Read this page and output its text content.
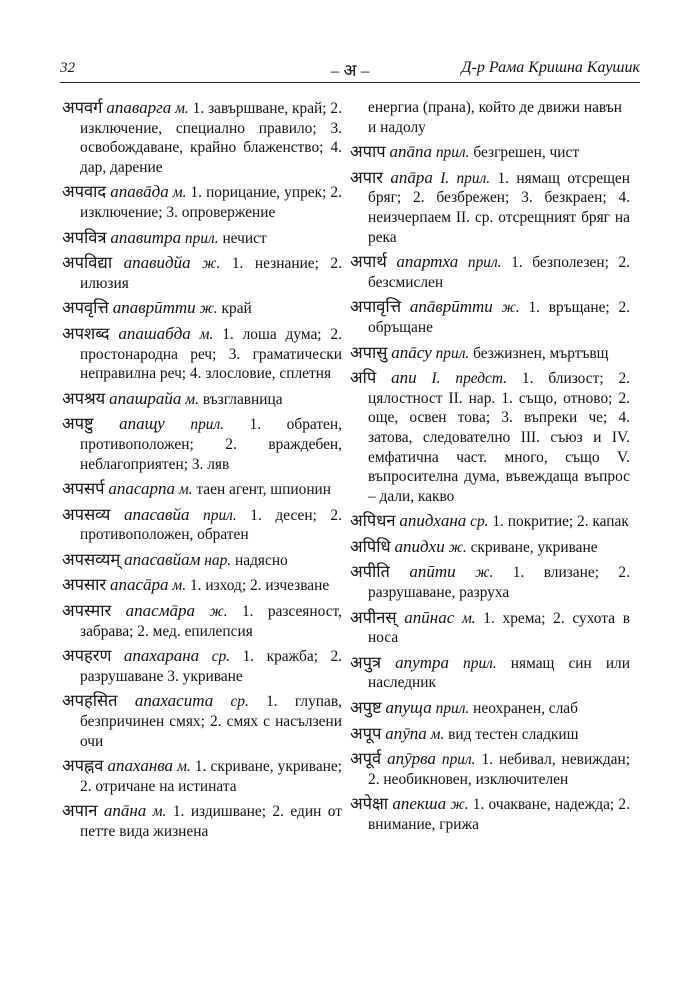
32	– अ –	Д-р Рама Кришна Каушик

अपवर्ग апаварга м. 1. завършване, край; 2. изключение, специално правило; 3. освобождаване, крайно блаженство; 4. дар, дарение

अपवाद апавāда м. 1. порицание, упрек; 2. изключение; 3. опровержение

अपवित्र апавитра прил. нечист

अपविद्या апавидйа ж. 1. незнание; 2. илюзия

अपवृत्ति апаврūтти ж. край

अपशब्द апашабда м. 1. лоша дума; 2. простонародна реч; 3. граматически неправилна реч; 4. злословие, сплетня

अपश्रय апашрайа м. възглавница

अपष्टु апащу прил. 1. обратен, противоположен; 2. враждебен, неблагоприятен; 3. ляв

अपसर्प апасарпа м. таен агент, шпионин

अपसव्य апасавйа прил. 1. десен; 2. противоположен, обратен

अपसव्यम् апасавйам нар. надясно

अपसार апасāра м. 1. изход; 2. изчезване

अपस्मार апасмāра ж. 1. разсеяност, забрава; 2. мед. епилепсия

अपहरण апахарана ср. 1. кражба; 2. разрушаване 3. укриване

अपहसित апахасита ср. 1. глупав, безпричинен смях; 2. смях с насълзени очи

अपह्नव апаханва м. 1. скриване, укриване; 2. отричане на истината

अपान апāна м. 1. издишване; 2. един от петте вида жизнена

енергиа (прана), който де движи навън и надолу

अपाप апāпа прил. безгрешен, чист

अपार апāра I. прил. 1. нямащ отсрещен бряг; 2. безбрежен; 3. безкраен; 4. неизчерпаем II. ср. отсрещният бряг на река

अपार्थ апартха прил. 1. безполезен; 2. безсмислен

अपावृत्ति апāврūтти ж. 1. връщане; 2. обръщане

अपासु апāсу прил. безжизнен, мъртъвщ

अपि апи I. предст. 1. близост; 2. цялостност II. нар. 1. също, отново; 2. още, освен това; 3. въпреки че; 4. затова, следователно III. съюз и IV. емфатична част. много, също V. въпросителна дума, въвеждаща въпрос – дали, какво

अपिधन апидхана ср. 1. покритие; 2. капак

अपिधि апидхи ж. скриване, укриване

अपीति апūти ж. 1. влизане; 2. разрушаване, разруха

अपीनस् апūнас м. 1. хрема; 2. сухота в носа

अपुत्र апутра прил. нямащ син или наследник

अपुष्ट апуща прил. неохранен, слаб

अपूप апӯпа м. вид тестен сладкиш

अपूर्व апӯрва прил. 1. небивал, невиждан; 2. необикновен, изключителен

अपेक्षा апекша ж. 1. очакване, надежда; 2. внимание, грижа
